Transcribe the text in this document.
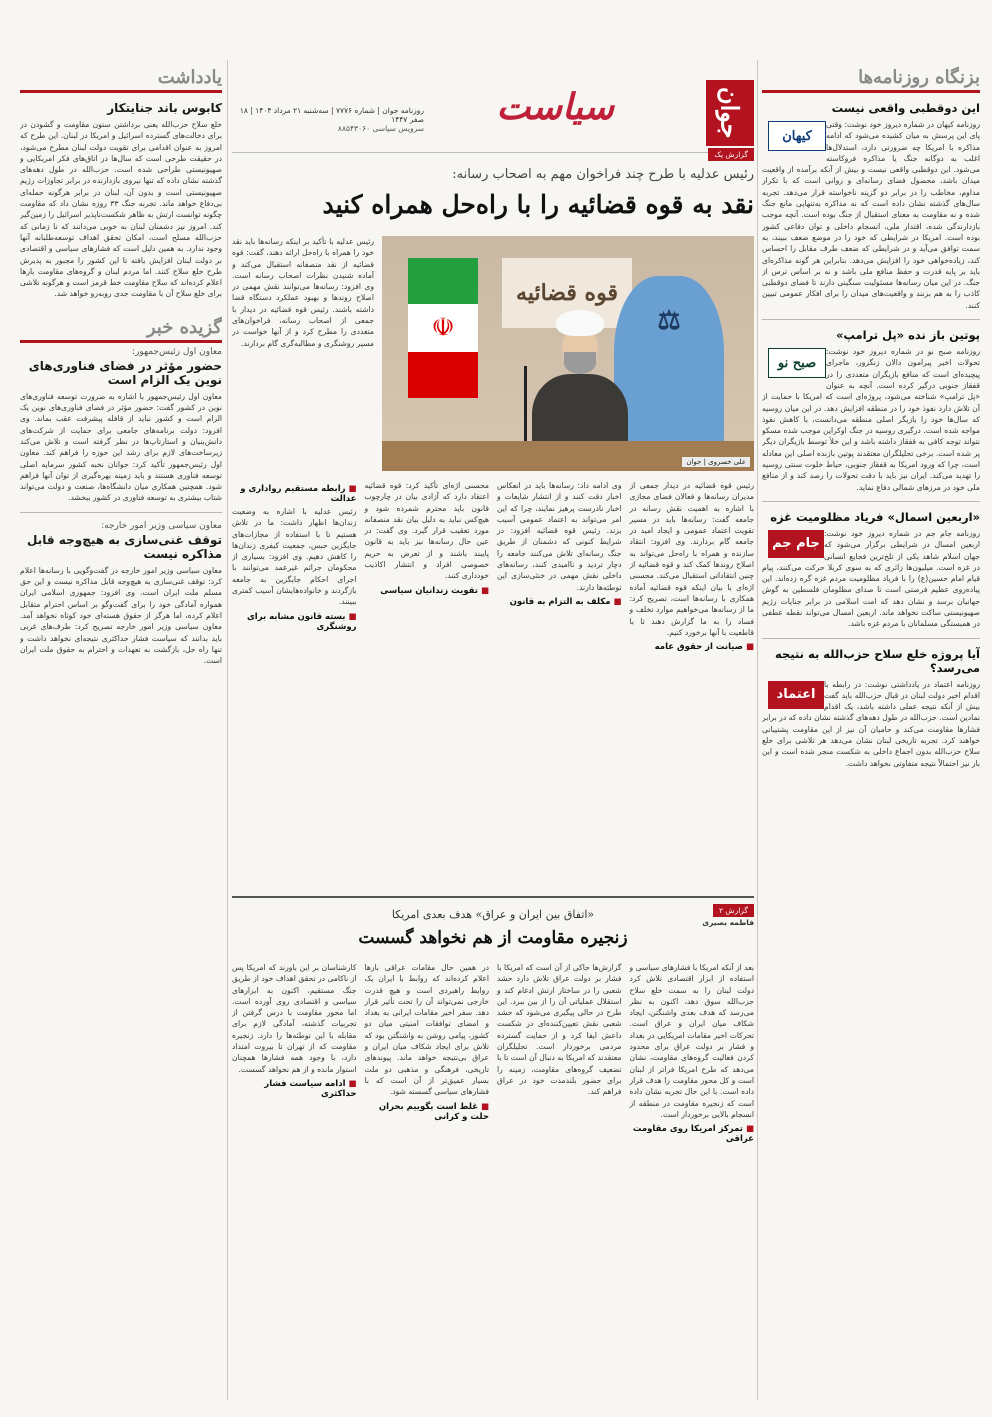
بزنگاه روزنامه‌ها
این دوقطبی واقعی نیست
کیهان
روزنامه کیهان در شماره دیروز خود نوشت: وقتی پای این پرسش به میان کشیده می‌شود که ادامه مذاکره با امریکا چه ضرورتی دارد، استدلال‌ها اغلب به دوگانه جنگ یا مذاکره فروکاسته می‌شود. این دوقطبی واقعی نیست و بیش از آنکه برآمده از واقعیت میدان باشد، محصول فضای رسانه‌ای و روانی است که با تکرار مداوم، مخاطب را در برابر دو گزینه ناخواسته قرار می‌دهد. تجربه سال‌های گذشته نشان داده است که نه مذاکره به‌تنهایی مانع جنگ شده و نه مقاومت به معنای استقبال از جنگ بوده است. آنچه موجب بازدارندگی شده، اقتدار ملی، انسجام داخلی و توان دفاعی کشور بوده است. امریکا در شرایطی که خود را در موضع ضعف ببیند، به سمت توافق می‌آید و در شرایطی که ضعف طرف مقابل را احساس کند، زیاده‌خواهی خود را افزایش می‌دهد. بنابراین هر گونه مذاکره‌ای باید بر پایه قدرت و حفظ منافع ملی باشد و نه بر اساس ترس از جنگ. در این میان رسانه‌ها مسئولیت سنگینی دارند تا فضای دوقطبی کاذب را به هم بزنند و واقعیت‌های میدان را برای افکار عمومی تبیین کنند.
پوتین باز نده «پل ترامپ»
صبح نو
روزنامه صبح نو در شماره دیروز خود نوشت: تحولات اخیر پیرامون دالان زنگزور، ماجرای پیچیده‌ای است که منافع بازیگران متعددی را در قفقاز جنوبی درگیر کرده است. آنچه به عنوان «پل ترامپ» شناخته می‌شود، پروژه‌ای است که امریکا با حمایت از آن تلاش دارد نفوذ خود را در منطقه افزایش دهد. در این میان روسیه که سال‌ها خود را بازیگر اصلی منطقه می‌دانست، با کاهش نفوذ مواجه شده است. درگیری روسیه در جنگ اوکراین موجب شده مسکو نتواند توجه کافی به قفقاز داشته باشد و این خلأ توسط بازیگران دیگر پر شده است. برخی تحلیلگران معتقدند پوتین بازنده اصلی این معادله است، چرا که ورود امریکا به قفقاز جنوبی، حیاط خلوت سنتی روسیه را تهدید می‌کند. ایران نیز باید با دقت تحولات را رصد کند و از منافع ملی خود در مرزهای شمالی دفاع نماید.
«اربعین اسمال» فریاد مظلومیت غزه
جام جم
روزنامه جام جم در شماره دیروز خود نوشت: اربعین امسال در شرایطی برگزار می‌شود که جهان اسلام شاهد یکی از تلخ‌ترین فجایع انسانی در غزه است. میلیون‌ها زائری که به سوی کربلا حرکت می‌کنند، پیام قیام امام حسین(ع) را با فریاد مظلومیت مردم غزه گره زده‌اند. این پیاده‌روی عظیم فرصتی است تا صدای مظلومان فلسطین به گوش جهانیان برسد و نشان دهد که امت اسلامی در برابر جنایات رژیم صهیونیستی ساکت نخواهد ماند. اربعین امسال می‌تواند نقطه عطفی در همبستگی مسلمانان با مردم غزه باشد.
آیا پروژه خلع سلاح حزب‌الله به نتیجه می‌رسد؟
اعتماد
روزنامه اعتماد در یادداشتی نوشت: در رابطه با اقدام اخیر دولت لبنان در قبال حزب‌الله باید گفت بیش از آنکه نتیجه عملی داشته باشد، یک اقدام نمادین است. حزب‌الله در طول دهه‌های گذشته نشان داده که در برابر فشارها مقاومت می‌کند و حامیان آن نیز از این مقاومت پشتیبانی خواهند کرد. تجربه تاریخی لبنان نشان می‌دهد هر تلاشی برای خلع سلاح حزب‌الله بدون اجماع داخلی به شکست منجر شده است و این بار نیز احتمالاً نتیجه متفاوتی نخواهد داشت.
جوان
سیاست
روزنامه جوان | شماره ۷۷۷۶ | سه‌شنبه ۲۱ مرداد ۱۴۰۴ | ۱۸ صفر ۱۴۴۷
سرویس سیاسی ۸۸۵۴۳۰۶۰
گزارش یک
رئیس عدلیه با طرح چند فراخوان مهم به اصحاب رسانه:
نقد به قوه قضائیه را با راه‌حل همراه کنید
☫
قوه قضائیه
⚖
علی خسروی | جوان
رئیس عدلیه با تأکید بر اینکه رسانه‌ها باید نقد خود را همراه با راه‌حل ارائه دهند، گفت: قوه قضائیه از نقد منصفانه استقبال می‌کند و آماده شنیدن نظرات اصحاب رسانه است. وی افزود: رسانه‌ها می‌توانند نقش مهمی در اصلاح روندها و بهبود عملکرد دستگاه قضا داشته باشند. رئیس قوه قضائیه در دیدار با جمعی از اصحاب رسانه، فراخوان‌های متعددی را مطرح کرد و از آنها خواست در مسیر روشنگری و مطالبه‌گری گام بردارند.
رئیس قوه قضائیه در دیدار جمعی از مدیران رسانه‌ها و فعالان فضای مجازی با اشاره به اهمیت نقش رسانه در جامعه گفت: رسانه‌ها باید در مسیر تقویت اعتماد عمومی و ایجاد امید در جامعه گام بردارند. وی افزود: انتقاد سازنده و همراه با راه‌حل می‌تواند به اصلاح روندها کمک کند و قوه قضائیه از چنین انتقاداتی استقبال می‌کند. محسنی اژه‌ای با بیان اینکه قوه قضائیه آماده همکاری با رسانه‌ها است، تصریح کرد: ما از رسانه‌ها می‌خواهیم موارد تخلف و فساد را به ما گزارش دهند تا با قاطعیت با آنها برخورد کنیم.
■ صیانت از حقوق عامه
وی ادامه داد: رسانه‌ها باید در انعکاس اخبار دقت کنند و از انتشار شایعات و اخبار نادرست پرهیز نمایند، چرا که این امر می‌تواند به اعتماد عمومی آسیب بزند. رئیس قوه قضائیه افزود: در شرایط کنونی که دشمنان از طریق جنگ رسانه‌ای تلاش می‌کنند جامعه را دچار تردید و ناامیدی کنند، رسانه‌های داخلی نقش مهمی در خنثی‌سازی این توطئه‌ها دارند.
■ مکلف به التزام به قانون
محسنی اژه‌ای تأکید کرد: قوه قضائیه اعتقاد دارد که آزادی بیان در چارچوب قانون باید محترم شمرده شود و هیچ‌کس نباید به دلیل بیان نقد منصفانه مورد تعقیب قرار گیرد. وی گفت: در عین حال رسانه‌ها نیز باید به قانون پایبند باشند و از تعرض به حریم خصوصی افراد و انتشار اکاذیب خودداری کنند.
■ تقویت زندانیان سیاسی
■ رابطه مستقیم رواداری و عدالت
رئیس عدلیه با اشاره به وضعیت زندان‌ها اظهار داشت: ما در تلاش هستیم تا با استفاده از مجازات‌های جایگزین حبس، جمعیت کیفری زندان‌ها را کاهش دهیم. وی افزود: بسیاری از محکومان جرائم غیرعمد می‌توانند با اجرای احکام جایگزین به جامعه بازگردند و خانواده‌هایشان آسیب کمتری ببینند.
■ بسته قانون مشابه برای روشنگری
گزارش ۲
فاطمه بصیری
«اتفاق بین ایران و عراق» هدف بعدی امریکا
زنجیره مقاومت از هم نخواهد گسست
بعد از آنکه امریکا با فشارهای سیاسی و استفاده از ابزار اقتصادی تلاش کرد دولت لبنان را به سمت خلع سلاح حزب‌الله سوق دهد، اکنون به نظر می‌رسد که هدف بعدی واشنگتن، ایجاد شکاف میان ایران و عراق است. تحرکات اخیر مقامات امریکایی در بغداد و فشار بر دولت عراق برای محدود کردن فعالیت گروه‌های مقاومت، نشان می‌دهد که طرح امریکا فراتر از لبنان است و کل محور مقاومت را هدف قرار داده است. با این حال تجربه نشان داده است که زنجیره مقاومت در منطقه از انسجام بالایی برخوردار است.
■ تمرکز امریکا روی مقاومت عراقی
گزارش‌ها حاکی از آن است که امریکا با فشار بر دولت عراق تلاش دارد حشد شعبی را در ساختار ارتش ادغام کند و استقلال عملیاتی آن را از بین ببرد. این طرح در حالی پیگیری می‌شود که حشد شعبی نقش تعیین‌کننده‌ای در شکست داعش ایفا کرد و از حمایت گسترده مردمی برخوردار است. تحلیلگران معتقدند که امریکا به دنبال آن است تا با تضعیف گروه‌های مقاومت، زمینه را برای حضور بلندمدت خود در عراق فراهم کند.
در همین حال مقامات عراقی بارها اعلام کرده‌اند که روابط با ایران یک روابط راهبردی است و هیچ قدرت خارجی نمی‌تواند آن را تحت تأثیر قرار دهد. سفر اخیر مقامات ایرانی به بغداد و امضای توافقات امنیتی میان دو کشور، پیامی روشن به واشنگتن بود که تلاش برای ایجاد شکاف میان ایران و عراق بی‌نتیجه خواهد ماند. پیوندهای تاریخی، فرهنگی و مذهبی دو ملت بسیار عمیق‌تر از آن است که با فشارهای سیاسی گسسته شود.
■ غلط است بگوییم بحران حلت و کرانی
کارشناسان بر این باورند که امریکا پس از ناکامی در تحقق اهداف خود از طریق جنگ مستقیم، اکنون به ابزارهای سیاسی و اقتصادی روی آورده است. اما محور مقاومت با درس گرفتن از تجربیات گذشته، آمادگی لازم برای مقابله با این توطئه‌ها را دارد. زنجیره مقاومت که از تهران تا بیروت امتداد دارد، با وجود همه فشارها همچنان استوار مانده و از هم نخواهد گسست.
■ ادامه سیاست فشار حداکثری
یادداشت
کابوس باند جنایتکار
خلع سلاح حزب‌الله یعنی برداشتن ستون مقاومت و گشودن در برای دخالت‌های گسترده اسرائیل و امریکا در لبنان. این طرح که امروز به عنوان اقدامی برای تقویت دولت لبنان مطرح می‌شود، در حقیقت طرحی است که سال‌ها در اتاق‌های فکر امریکایی و صهیونیستی طراحی شده است. حزب‌الله در طول دهه‌های گذشته نشان داده که تنها نیروی بازدارنده در برابر تجاوزات رژیم صهیونیستی است و بدون آن، لبنان در برابر هرگونه حمله‌ای بی‌دفاع خواهد ماند. تجربه جنگ ۳۳ روزه نشان داد که مقاومت چگونه توانست ارتش به ظاهر شکست‌ناپذیر اسرائیل را زمین‌گیر کند. امروز نیز دشمنان لبنان به خوبی می‌دانند که تا زمانی که حزب‌الله مسلح است، امکان تحقق اهداف توسعه‌طلبانه آنها وجود ندارد. به همین دلیل است که فشارهای سیاسی و اقتصادی بر دولت لبنان افزایش یافته تا این کشور را مجبور به پذیرش طرح خلع سلاح کنند. اما مردم لبنان و گروه‌های مقاومت بارها اعلام کرده‌اند که سلاح مقاومت خط قرمز است و هرگونه تلاشی برای خلع سلاح آن با مقاومت جدی روبه‌رو خواهد شد.
گزیده خبر
معاون اول رئیس‌جمهور:
حضور مؤثر در فضای فناوری‌های نوین یک الزام است
معاون اول رئیس‌جمهور با اشاره به ضرورت توسعه فناوری‌های نوین در کشور گفت: حضور مؤثر در فضای فناوری‌های نوین یک الزام است و کشور نباید از قافله پیشرفت عقب بماند. وی افزود: دولت برنامه‌های جامعی برای حمایت از شرکت‌های دانش‌بنیان و استارتاپ‌ها در نظر گرفته است و تلاش می‌کند زیرساخت‌های لازم برای رشد این حوزه را فراهم کند. معاون اول رئیس‌جمهور تأکید کرد: جوانان نخبه کشور سرمایه اصلی توسعه فناوری هستند و باید زمینه بهره‌گیری از توان آنها فراهم شود. همچنین همکاری میان دانشگاه‌ها، صنعت و دولت می‌تواند شتاب بیشتری به توسعه فناوری در کشور ببخشد.
معاون سیاسی وزیر امور خارجه:
توقف غنی‌سازی به هیچ‌وجه قابل مذاکره نیست
معاون سیاسی وزیر امور خارجه در گفت‌وگویی با رسانه‌ها اعلام کرد: توقف غنی‌سازی به هیچ‌وجه قابل مذاکره نیست و این حق مسلم ملت ایران است. وی افزود: جمهوری اسلامی ایران همواره آمادگی خود را برای گفت‌وگو بر اساس احترام متقابل اعلام کرده، اما هرگز از حقوق هسته‌ای خود کوتاه نخواهد آمد. معاون سیاسی وزیر امور خارجه تصریح کرد: طرف‌های غربی باید بدانند که سیاست فشار حداکثری نتیجه‌ای نخواهد داشت و تنها راه حل، بازگشت به تعهدات و احترام به حقوق ملت ایران است.
